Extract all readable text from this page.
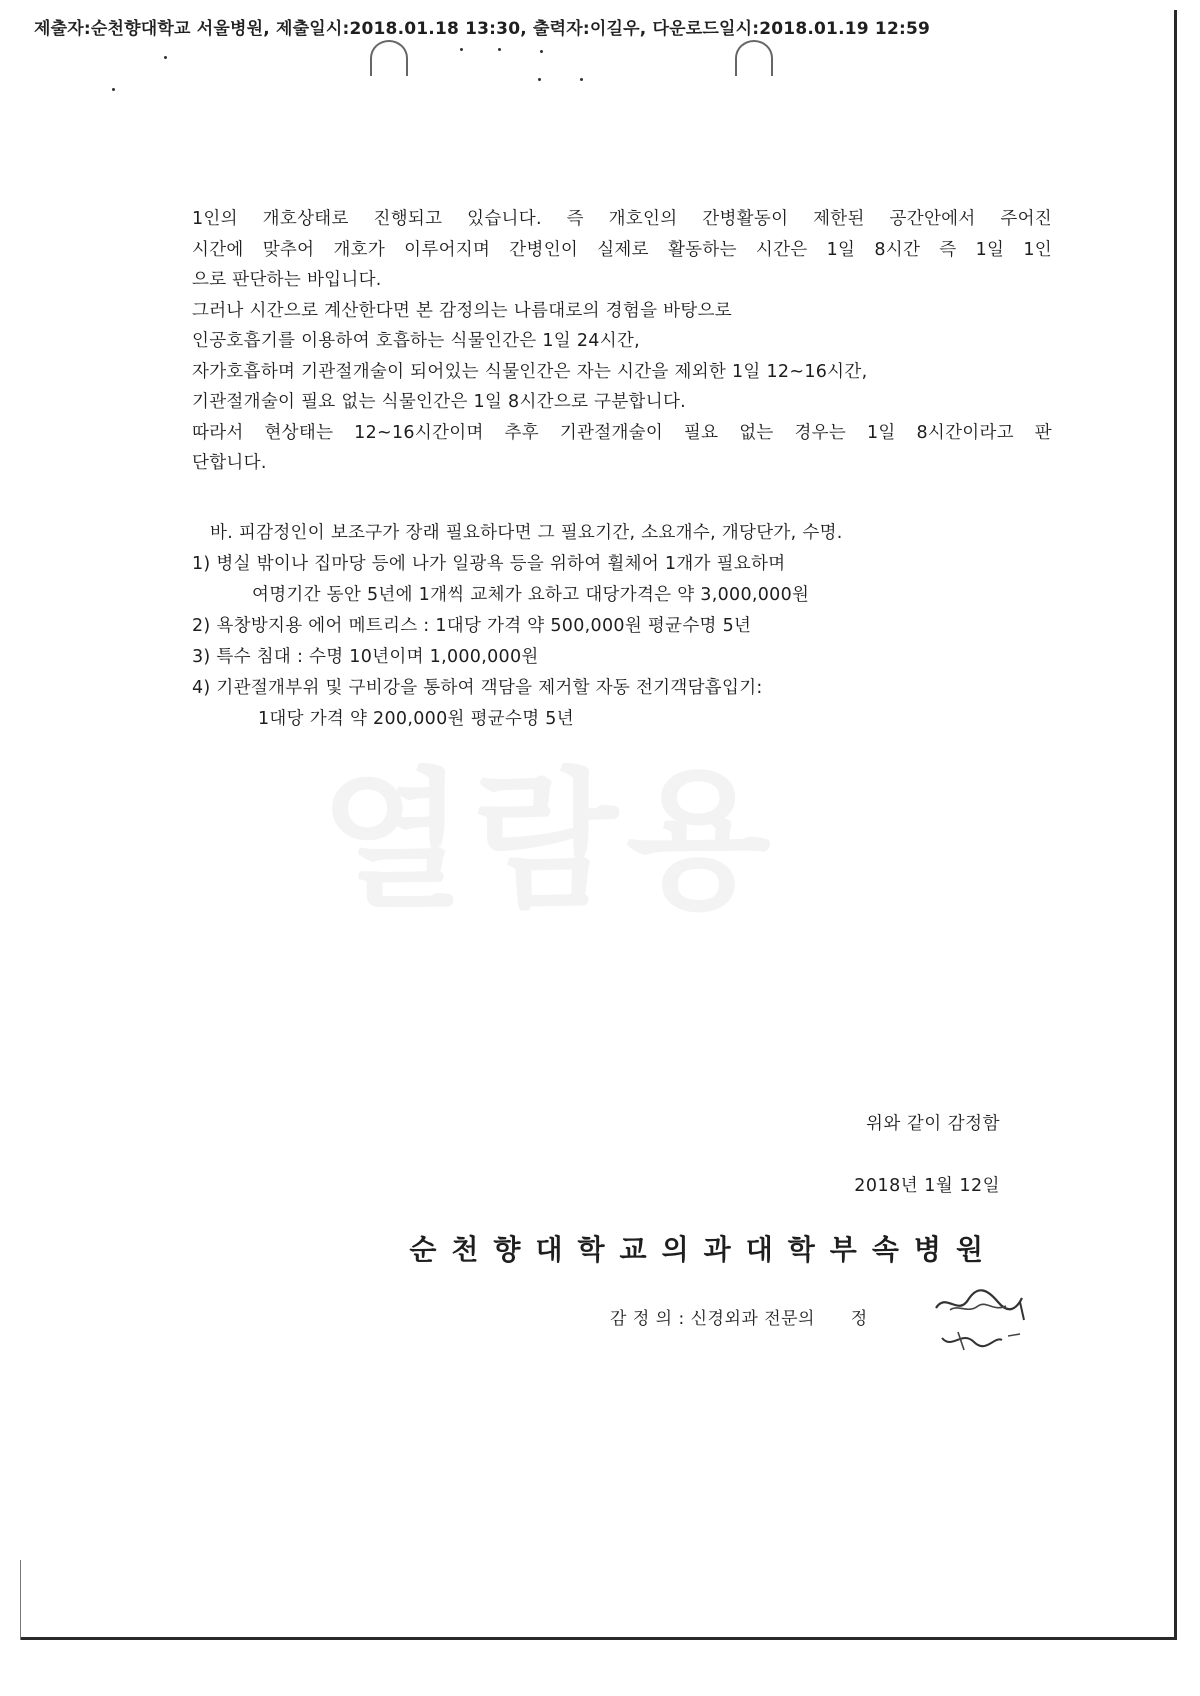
제출자:순천향대학교 서울병원, 제출일시:2018.01.18 13:30, 출력자:이길우, 다운로드일시:2018.01.19 12:59
열람용

1인의 개호상태로 진행되고 있습니다. 즉 개호인의 간병활동이 제한된 공간안에서 주어진

시간에 맞추어 개호가 이루어지며 간병인이 실제로 활동하는 시간은 1일 8시간 즉 1일 1인

으로 판단하는 바입니다.

그러나 시간으로 계산한다면 본 감정의는 나름대로의 경험을 바탕으로

인공호흡기를 이용하여 호흡하는 식물인간은 1일 24시간,

자가호흡하며 기관절개술이 되어있는 식물인간은 자는 시간을 제외한 1일 12~16시간,

기관절개술이 필요 없는 식물인간은 1일 8시간으로 구분합니다.

따라서 현상태는 12~16시간이며 추후 기관절개술이 필요 없는 경우는 1일 8시간이라고 판

단합니다.

바. 피감정인이 보조구가 장래 필요하다면 그 필요기간, 소요개수, 개당단가, 수명.

1) 병실 밖이나 집마당 등에 나가 일광욕 등을 위하여 휠체어 1개가 필요하며

여명기간 동안 5년에 1개씩 교체가 요하고 대당가격은 약 3,000,000원

2) 욕창방지용 에어 메트리스 : 1대당 가격 약 500,000원 평균수명 5년

3) 특수 침대 : 수명 10년이며 1,000,000원

4) 기관절개부위 및 구비강을 통하여 객담을 제거할 자동 전기객담흡입기:

1대당 가격 약 200,000원 평균수명 5년

위와 같이 감정함
2018년 1월 12일
순천향대학교의과대학부속병원
감 정 의 : 신경외과 전문의 정
